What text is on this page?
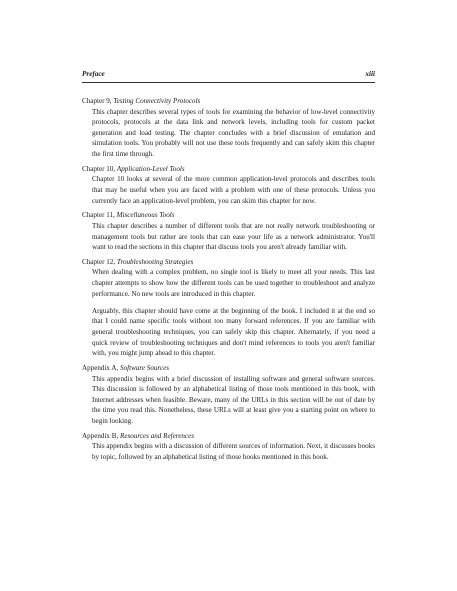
Preface	xiii

Chapter 9, Testing Connectivity Protocols

This chapter describes several types of tools for examining the behavior of low-level connectivity protocols, protocols at the data link and network levels, including tools for custom packet generation and load testing. The chapter concludes with a brief discussion of emulation and simulation tools. You probably will not use these tools frequently and can safely skim this chapter the first time through.

Chapter 10, Application-Level Tools

Chapter 10 looks at several of the more common application-level protocols and describes tools that may be useful when you are faced with a problem with one of these protocols. Unless you currently face an application-level problem, you can skim this chapter for now.

Chapter 11, Miscellaneous Tools

This chapter describes a number of different tools that are not really network troubleshooting or management tools but rather are tools that can ease your life as a network administrator. You'll want to read the sections in this chapter that discuss tools you aren't already familiar with.

Chapter 12, Troubleshooting Strategies

When dealing with a complex problem, no single tool is likely to meet all your needs. This last chapter attempts to show how the different tools can be used together to troubleshoot and analyze performance. No new tools are introduced in this chapter.

Arguably, this chapter should have come at the beginning of the book. I included it at the end so that I could name specific tools without too many forward references. If you are familiar with general troubleshooting techniques, you can safely skip this chapter. Alternately, if you need a quick review of troubleshooting techniques and don't mind references to tools you aren't familiar with, you might jump ahead to this chapter.

Appendix A, Software Sources

This appendix begins with a brief discussion of installing software and general software sources. This discussion is followed by an alphabetical listing of those tools mentioned in this book, with Internet addresses when feasible. Beware, many of the URLs in this section will be out of date by the time you read this. Nonetheless, these URLs will at least give you a starting point on where to begin looking.

Appendix B, Resources and References

This appendix begins with a discussion of different sources of information. Next, it discusses books by topic, followed by an alphabetical listing of those books mentioned in this book.
